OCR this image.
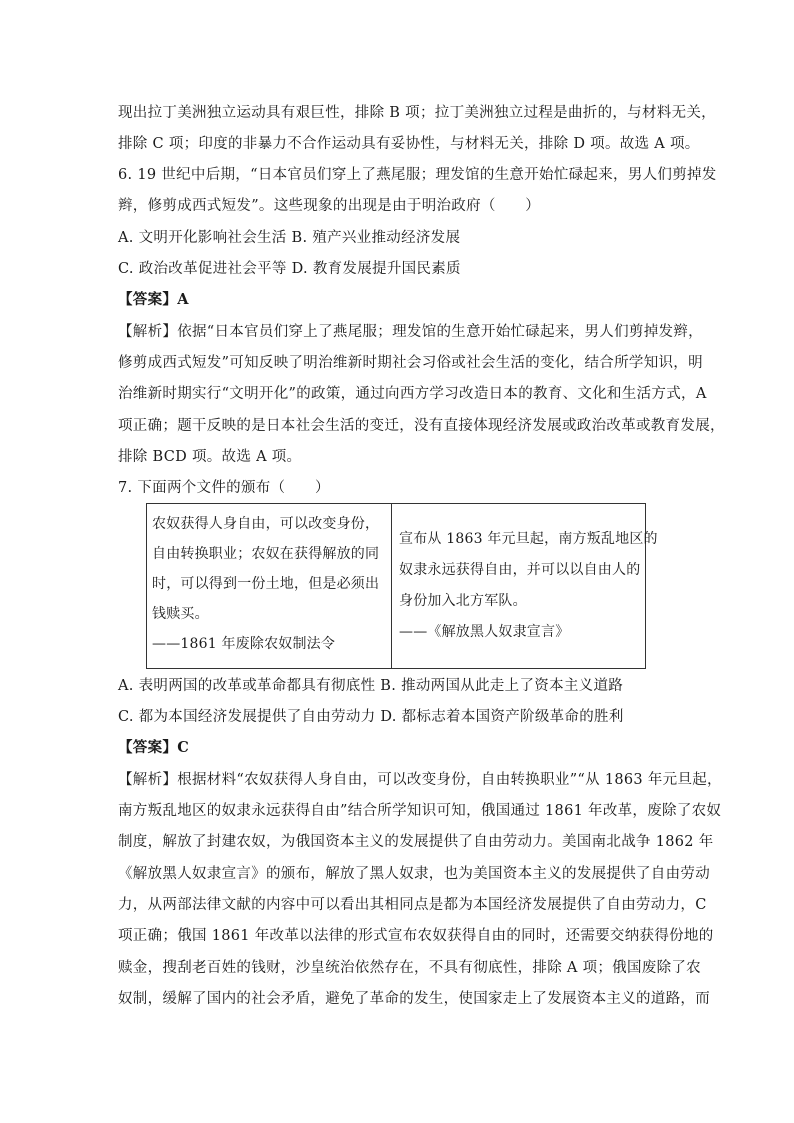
现出拉丁美洲独立运动具有艰巨性，排除 B 项；拉丁美洲独立过程是曲折的，与材料无关，
排除 C 项；印度的非暴力不合作运动具有妥协性，与材料无关，排除 D 项。故选 A 项。
6. 19 世纪中后期，“日本官员们穿上了燕尾服；理发馆的生意开始忙碌起来，男人们剪掉发
辫，修剪成西式短发”。这些现象的出现是由于明治政府（　　）
A. 文明开化影响社会生活 B. 殖产兴业推动经济发展
C. 政治改革促进社会平等 D. 教育发展提升国民素质
【答案】A
【解析】依据“日本官员们穿上了燕尾服；理发馆的生意开始忙碌起来，男人们剪掉发辫，
修剪成西式短发”可知反映了明治维新时期社会习俗或社会生活的变化，结合所学知识，明
治维新时期实行“文明开化”的政策，通过向西方学习改造日本的教育、文化和生活方式，A
项正确；题干反映的是日本社会生活的变迁，没有直接体现经济发展或政治改革或教育发展，
排除 BCD 项。故选 A 项。
7. 下面两个文件的颁布（　　）
农奴获得人身自由，可以改变身份，
自由转换职业；农奴在获得解放的同
时，可以得到一份土地，但是必须出
钱赎买。
——1861 年废除农奴制法令
宣布从 1863 年元旦起，南方叛乱地区的
奴隶永远获得自由，并可以以自由人的
身份加入北方军队。
——《解放黑人奴隶宣言》
A. 表明两国的改革或革命都具有彻底性 B. 推动两国从此走上了资本主义道路
C. 都为本国经济发展提供了自由劳动力 D. 都标志着本国资产阶级革命的胜利
【答案】C
【解析】根据材料“农奴获得人身自由，可以改变身份，自由转换职业”“从 1863 年元旦起，
南方叛乱地区的奴隶永远获得自由”结合所学知识可知，俄国通过 1861 年改革，废除了农奴
制度，解放了封建农奴，为俄国资本主义的发展提供了自由劳动力。美国南北战争 1862 年
《解放黑人奴隶宣言》的颁布，解放了黑人奴隶，也为美国资本主义的发展提供了自由劳动
力，从两部法律文献的内容中可以看出其相同点是都为本国经济发展提供了自由劳动力，C
项正确；俄国 1861 年改革以法律的形式宣布农奴获得自由的同时，还需要交纳获得份地的
赎金，搜刮老百姓的钱财，沙皇统治依然存在，不具有彻底性，排除 A 项；俄国废除了农
奴制，缓解了国内的社会矛盾，避免了革命的发生，使国家走上了发展资本主义的道路，而
